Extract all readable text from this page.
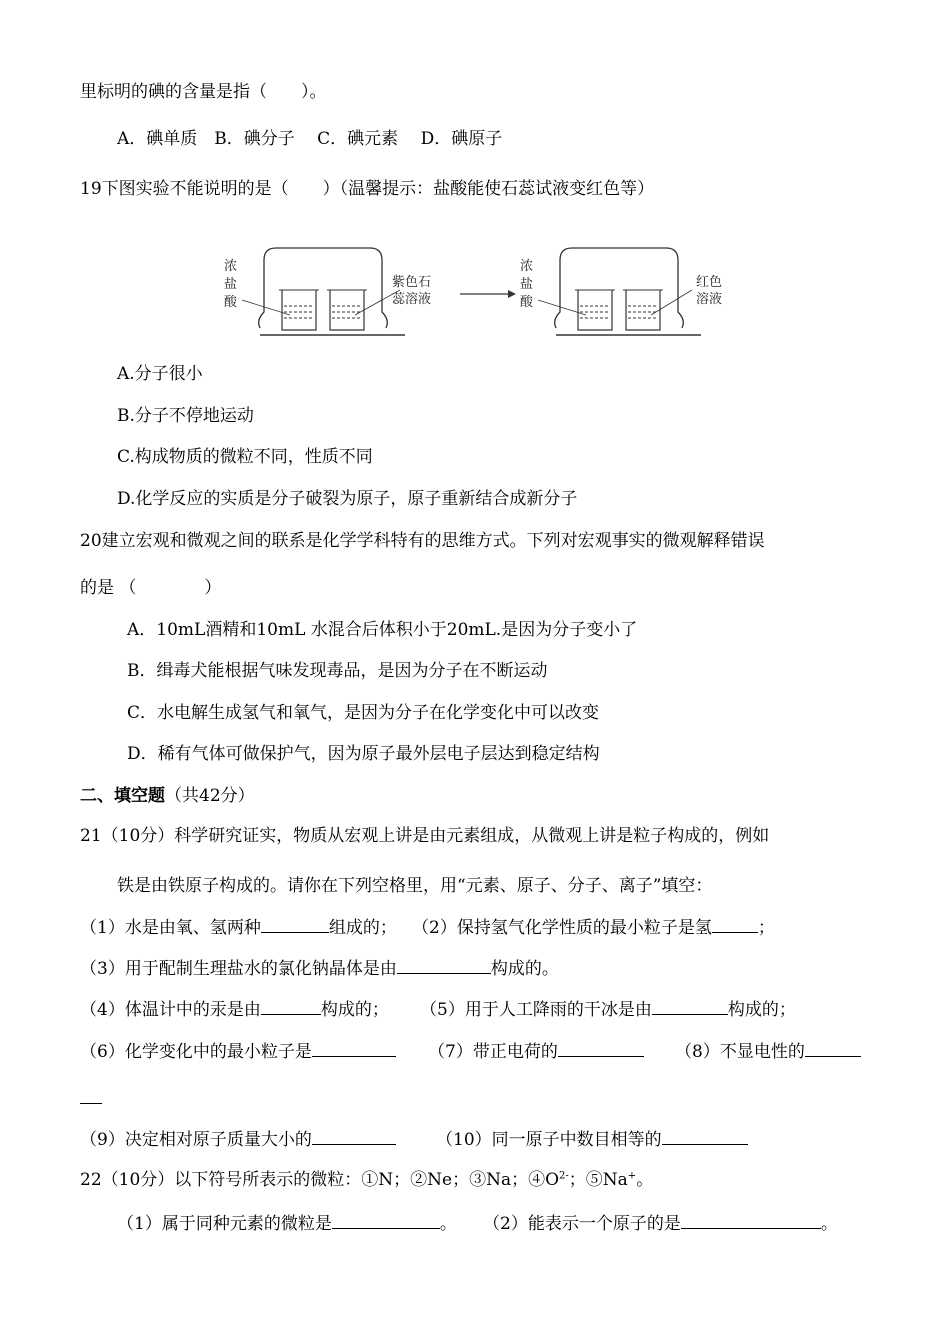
里标明的碘的含量是指（　　）。
A．碘单质　B．碘分子　 C．碘元素　 D．碘原子
19下图实验不能说明的是（　　）（温馨提示：盐酸能使石蕊试液变红色等）
浓
盐
酸
紫色石
蕊溶液
浓
盐
酸
红色
溶液
A.分子很小
B.分子不停地运动
C.构成物质的微粒不同，性质不同
D.化学反应的实质是分子破裂为原子，原子重新结合成新分子
20建立宏观和微观之间的联系是化学学科特有的思维方式。下列对宏观事实的微观解释错误
的是 （　　　　）
A．10mL酒精和10mL 水混合后体积小于20mL.是因为分子变小了
B．缉毒犬能根据气味发现毒品，是因为分子在不断运动
C．水电解生成氢气和氧气，是因为分子在化学变化中可以改变
D．稀有气体可做保护气，因为原子最外层电子层达到稳定结构
二、填空题（共42分）
21（10分）科学研究证实，物质从宏观上讲是由元素组成，从微观上讲是粒子构成的，例如
铁是由铁原子构成的。请你在下列空格里，用“元素、原子、分子、离子”填空：
（1）水是由氧、氢两种	组成的； （2）保持氢气化学性质的最小粒子是氢	；
（3）用于配制生理盐水的氯化钠晶体是由	构成的。
（4）体温计中的汞是由	构成的； （5）用于人工降雨的干冰是由	构成的；
（6）化学变化中的最小粒子是	（7）带正电荷的	（8）不显电性的
（9）决定相对原子质量大小的	（10）同一原子中数目相等的
22（10分）以下符号所表示的微粒：①N；②Ne；③Na；$④O^{2-}$；⑤Na+。
（1）属于同种元素的微粒是	。 （2）能表示一个原子的是	。
